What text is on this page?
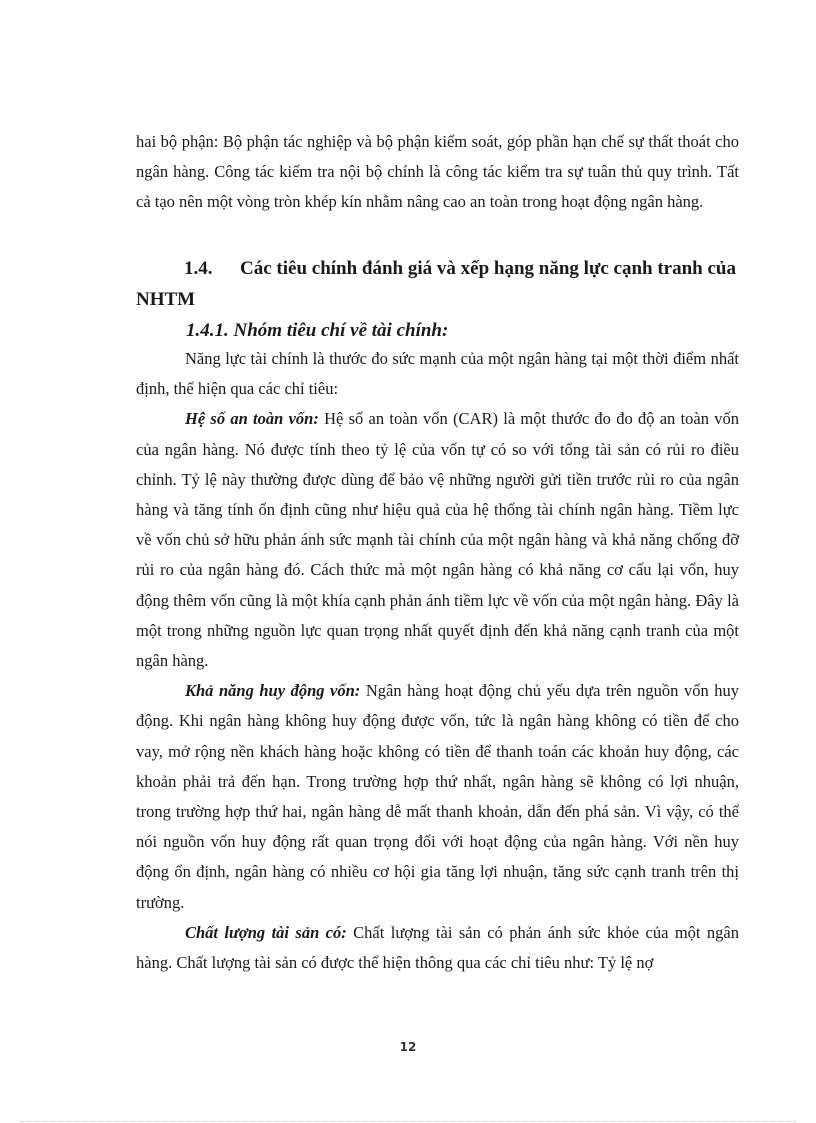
hai bộ phận: Bộ phận tác nghiệp và bộ phận kiểm soát, góp phần hạn chế sự thất thoát cho ngân hàng. Công tác kiểm tra nội bộ chính là công tác kiểm tra sự tuân thủ quy trình. Tất cả tạo nên một vòng tròn khép kín nhằm nâng cao an toàn trong hoạt động ngân hàng.

1.4. Các tiêu chính đánh giá và xếp hạng năng lực cạnh tranh của NHTM
1.4.1. Nhóm tiêu chí về tài chính:

Năng lực tài chính là thước đo sức mạnh của một ngân hàng tại một thời điểm nhất định, thể hiện qua các chỉ tiêu:

Hệ số an toàn vốn: Hệ số an toàn vốn (CAR) là một thước đo đo độ an toàn vốn của ngân hàng. Nó được tính theo tỷ lệ của vốn tự có so với tổng tài sản có rủi ro điều chỉnh. Tỷ lệ này thường được dùng để bảo vệ những người gửi tiền trước rủi ro của ngân hàng và tăng tính ổn định cũng như hiệu quả của hệ thống tài chính ngân hàng. Tiềm lực về vốn chủ sở hữu phản ánh sức mạnh tài chính của một ngân hàng và khả năng chống đỡ rủi ro của ngân hàng đó. Cách thức mà một ngân hàng có khả năng cơ cấu lại vốn, huy động thêm vốn cũng là một khía cạnh phản ánh tiềm lực về vốn của một ngân hàng. Đây là một trong những nguồn lực quan trọng nhất quyết định đến khả năng cạnh tranh của một ngân hàng.

Khả năng huy động vốn: Ngân hàng hoạt động chủ yếu dựa trên nguồn vốn huy động. Khi ngân hàng không huy động được vốn, tức là ngân hàng không có tiền để cho vay, mở rộng nền khách hàng hoặc không có tiền để thanh toán các khoản huy động, các khoản phải trả đến hạn. Trong trường hợp thứ nhất, ngân hàng sẽ không có lợi nhuận, trong trường hợp thứ hai, ngân hàng dễ mất thanh khoản, dẫn đến phá sản. Vì vậy, có thể nói nguồn vốn huy động rất quan trọng đối với hoạt động của ngân hàng. Với nền huy động ổn định, ngân hàng có nhiều cơ hội gia tăng lợi nhuận, tăng sức cạnh tranh trên thị trường.

Chất lượng tài sản có: Chất lượng tài sản có phản ánh sức khỏe của một ngân hàng. Chất lượng tài sản có được thể hiện thông qua các chỉ tiêu như: Tỷ lệ nợ

12
